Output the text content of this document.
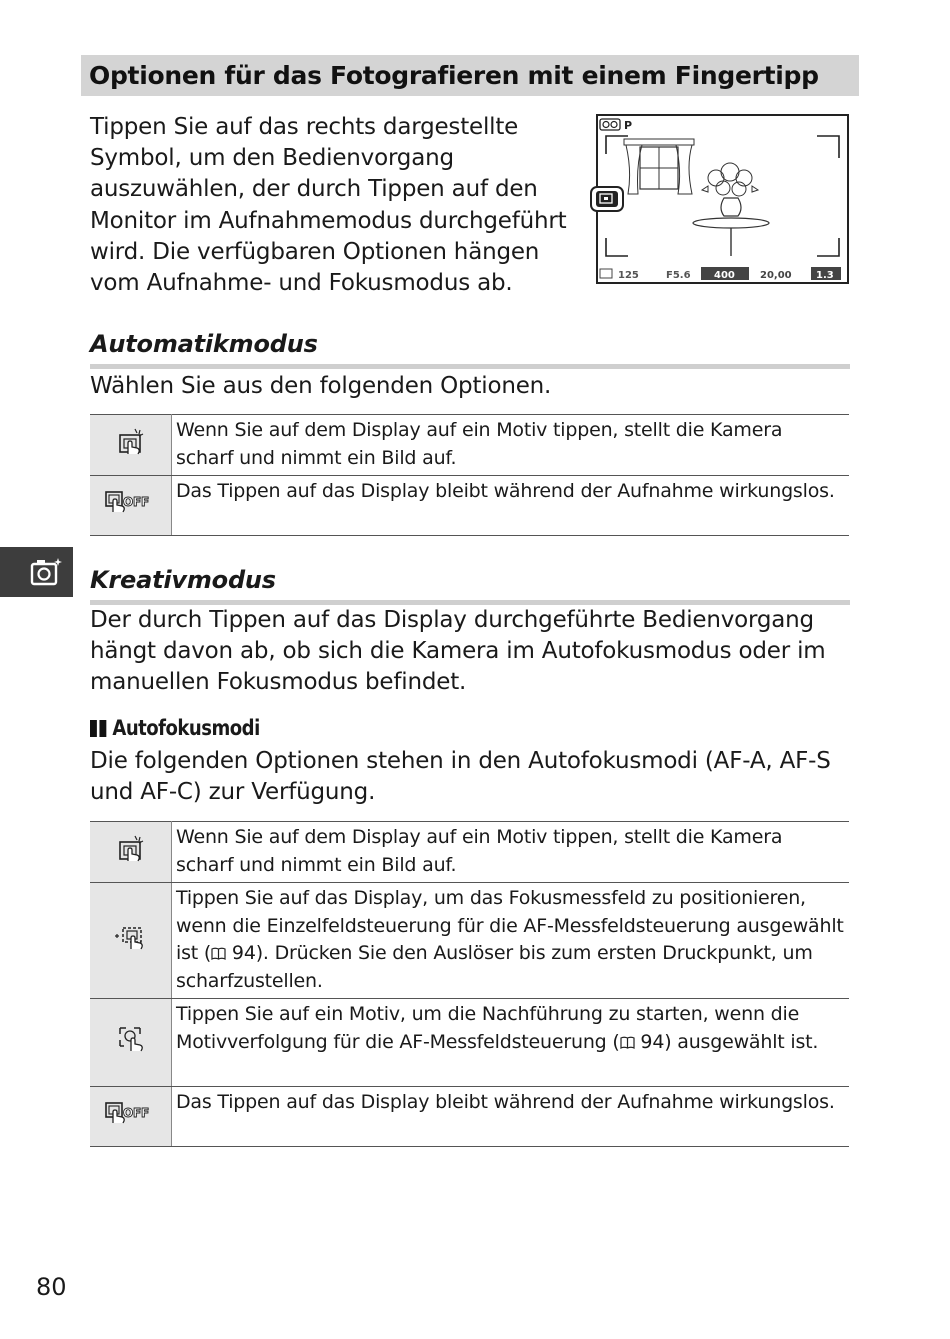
Optionen für das Fotografieren mit einem Fingertipp

Tippen Sie auf das rechts dargestellte Symbol, um den Bedienvorgang auszuwählen, der durch Tippen auf den Monitor im Aufnahmemodus durchgeführt wird. Die verfügbaren Optionen hängen vom Aufnahme- und Fokusmodus ab.

P
125	F5.6 400	20,00 1.3
Automatikmodus

Wählen Sie aus den folgenden Optionen.

	Wenn Sie auf dem Display auf ein Motiv tippen, stellt die Kamera scharf und nimmt ein Bild auf.

OFF	Das Tippen auf das Display bleibt während der Aufnahme wirkungslos.
Kreativmodus

Der durch Tippen auf das Display durchgeführte Bedienvorgang hängt davon ab, ob sich die Kamera im Autofokusmodus oder im manuellen Fokusmodus befindet.

Autofokusmodi

Die folgenden Optionen stehen in den Autofokusmodi (AF-A, AF-S und AF-C) zur Verfügung.

	Wenn Sie auf dem Display auf ein Motiv tippen, stellt die Kamera scharf und nimmt ein Bild auf.
	Tippen Sie auf das Display, um das Fokusmessfeld zu positionieren, wenn die Einzelfeldsteuerung für die AF-Messfeldsteuerung ausgewählt ist ( 94). Drücken Sie den Auslöser bis zum ersten Druckpunkt, um scharfzustellen.
	Tippen Sie auf ein Motiv, um die Nachführung zu starten, wenn die Motivverfolgung für die AF-Messfeldsteuerung ( 94) ausgewählt ist.

OFF	Das Tippen auf das Display bleibt während der Aufnahme wirkungslos.
80
